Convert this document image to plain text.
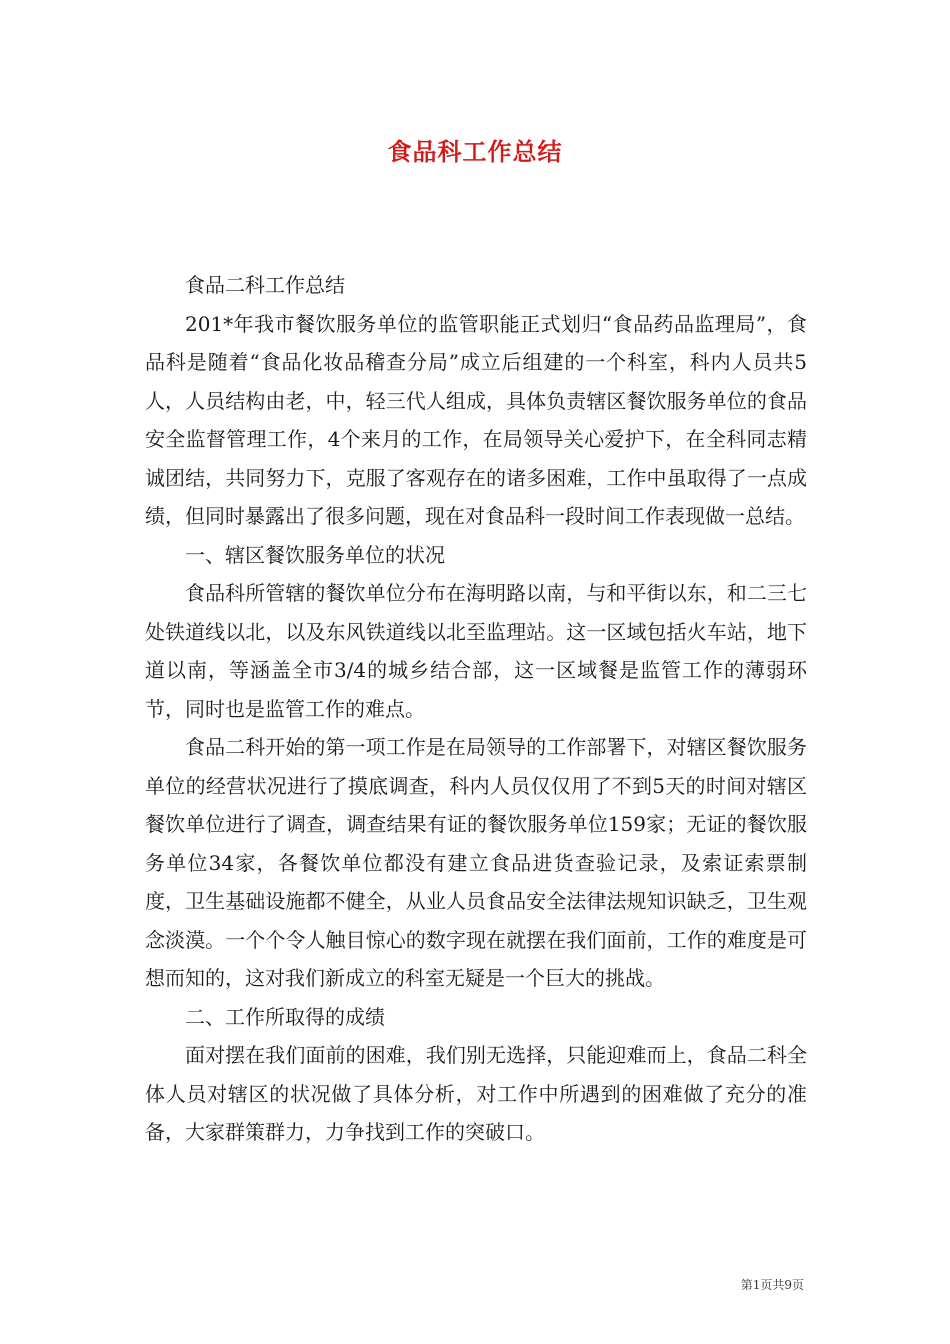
食品科工作总结

食品二科工作总结

201*年我市餐饮服务单位的监管职能正式划归“食品药品监理局”，食品科是随着“食品化妆品稽查分局”成立后组建的一个科室，科内人员共5人，人员结构由老，中，轻三代人组成，具体负责辖区餐饮服务单位的食品安全监督管理工作，4个来月的工作，在局领导关心爱护下，在全科同志精诚团结，共同努力下，克服了客观存在的诸多困难，工作中虽取得了一点成绩，但同时暴露出了很多问题，现在对食品科一段时间工作表现做一总结。

一、辖区餐饮服务单位的状况

食品科所管辖的餐饮单位分布在海明路以南，与和平街以东，和二三七处铁道线以北，以及东风铁道线以北至监理站。这一区域包括火车站，地下道以南，等涵盖全市3/4的城乡结合部，这一区域餐是监管工作的薄弱环节，同时也是监管工作的难点。

食品二科开始的第一项工作是在局领导的工作部署下，对辖区餐饮服务单位的经营状况进行了摸底调查，科内人员仅仅用了不到5天的时间对辖区餐饮单位进行了调查，调查结果有证的餐饮服务单位159家；无证的餐饮服务单位34家，各餐饮单位都没有建立食品进货查验记录，及索证索票制度，卫生基础设施都不健全，从业人员食品安全法律法规知识缺乏，卫生观念淡漠。一个个令人触目惊心的数字现在就摆在我们面前，工作的难度是可想而知的，这对我们新成立的科室无疑是一个巨大的挑战。

二、工作所取得的成绩

面对摆在我们面前的困难，我们别无选择，只能迎难而上，食品二科全体人员对辖区的状况做了具体分析，对工作中所遇到的困难做了充分的准备，大家群策群力，力争找到工作的突破口。

第1页共9页
